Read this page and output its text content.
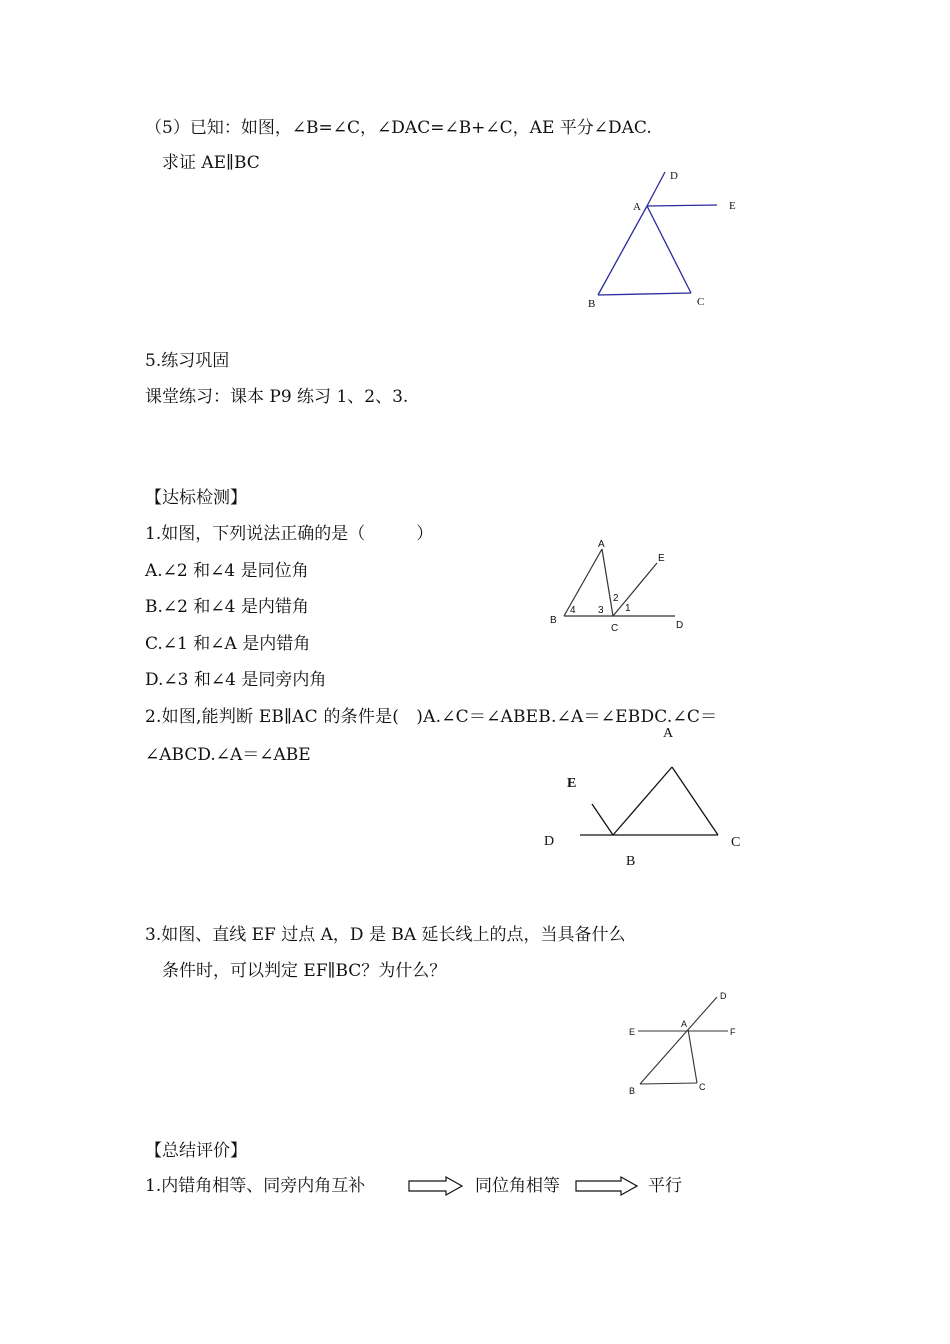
（5）已知：如图，∠B=∠C，∠DAC=∠B+∠C，AE 平分∠DAC.
求证 AE∥BC
D
A	E
B	C
5.练习巩固
课堂练习：课本 P9 练习 1、2、3.
【达标检测】
1.如图，下列说法正确的是（　　　）
A.∠2 和∠4 是同位角
B.∠2 和∠4 是内错角
C.∠1 和∠A 是内错角
D.∠3 和∠4 是同旁内角
A
E
B
C	D
4 3
2
1
2.如图,能判断 EB∥AC 的条件是(　)A.∠C＝∠ABEB.∠A＝∠EBDC.∠C＝
∠ABCD.∠A＝∠ABE
A
E
D
B
C
3.如图、直线 EF 过点 A，D 是 BA 延长线上的点，当具备什么
条件时，可以判定 EF∥BC？为什么？
D
E
A
F
B	C
【总结评价】
1.内错角相等、同旁内角互补	同位角相等	平行
